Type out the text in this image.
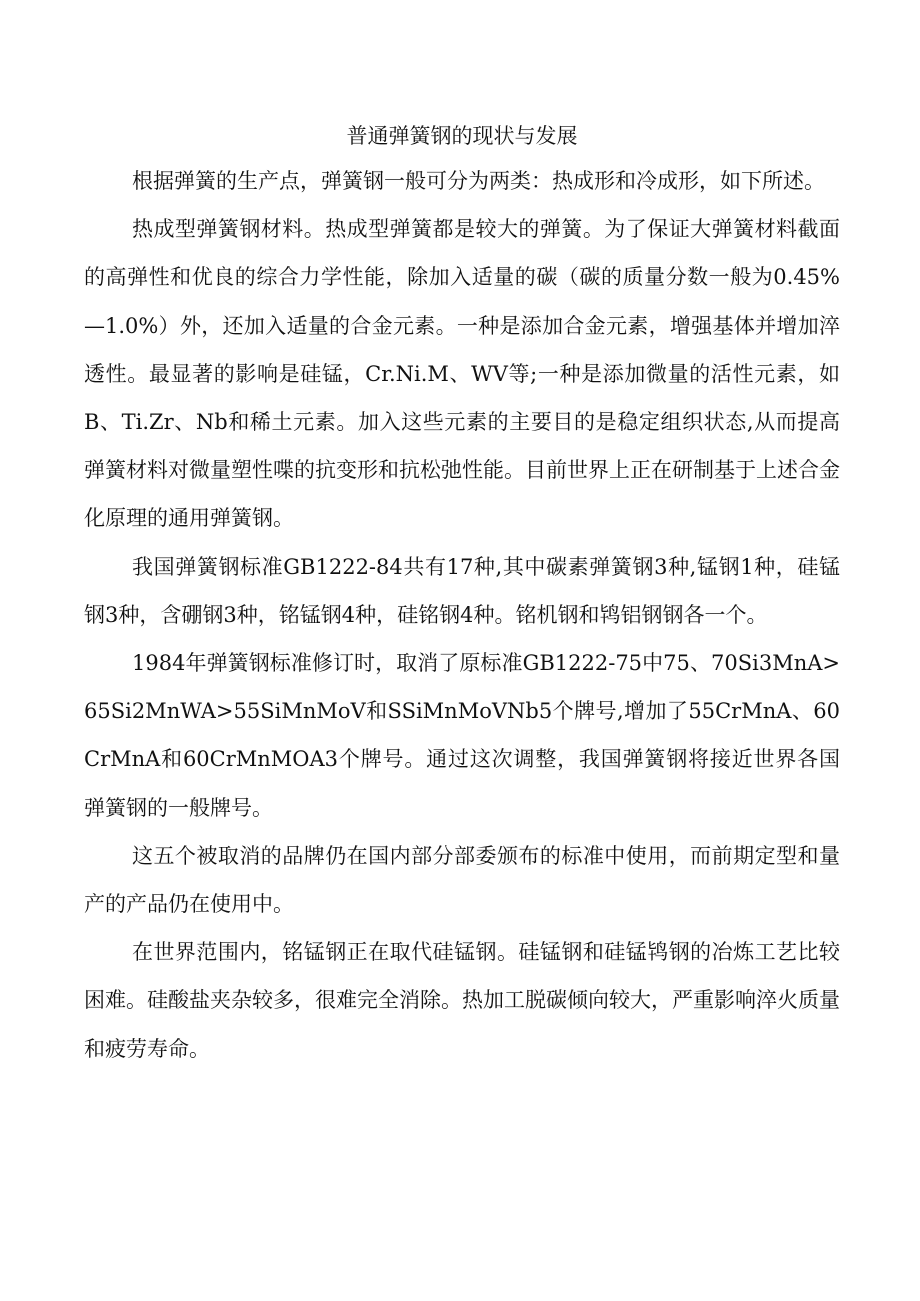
普通弹簧钢的现状与发展

根据弹簧的生产点，弹簧钢一般可分为两类：热成形和冷成形，如下所述。

热成型弹簧钢材料。热成型弹簧都是较大的弹簧。为了保证大弹簧材料截面的高弹性和优良的综合力学性能，除加入适量的碳（碳的质量分数一般为0.45%—1.0%）外，还加入适量的合金元素。一种是添加合金元素，增强基体并增加淬透性。最显著的影响是硅锰，Cr.Ni.M、WV等;一种是添加微量的活性元素，如B、Ti.Zr、Nb和稀土元素。加入这些元素的主要目的是稳定组织状态,从而提高弹簧材料对微量塑性喋的抗变形和抗松弛性能。目前世界上正在研制基于上述合金化原理的通用弹簧钢。

我国弹簧钢标准GB1222-84共有17种,其中碳素弹簧钢3种,锰钢1种，硅锰钢3种，含硼钢3种，铭锰钢4种，硅铭钢4种。铭机钢和鸨铝钢钢各一个。

1984年弹簧钢标准修订时，取消了原标准GB1222-75中75、70Si3MnA>65Si2MnWA>55SiMnMoV和SSiMnMoVNb5个牌号,增加了55CrMnA、60CrMnA和60CrMnMOA3个牌号。通过这次调整，我国弹簧钢将接近世界各国弹簧钢的一般牌号。

这五个被取消的品牌仍在国内部分部委颁布的标准中使用，而前期定型和量产的产品仍在使用中。

在世界范围内，铭锰钢正在取代硅锰钢。硅锰钢和硅锰鸨钢的冶炼工艺比较困难。硅酸盐夹杂较多，很难完全消除。热加工脱碳倾向较大，严重影响淬火质量和疲劳寿命。
